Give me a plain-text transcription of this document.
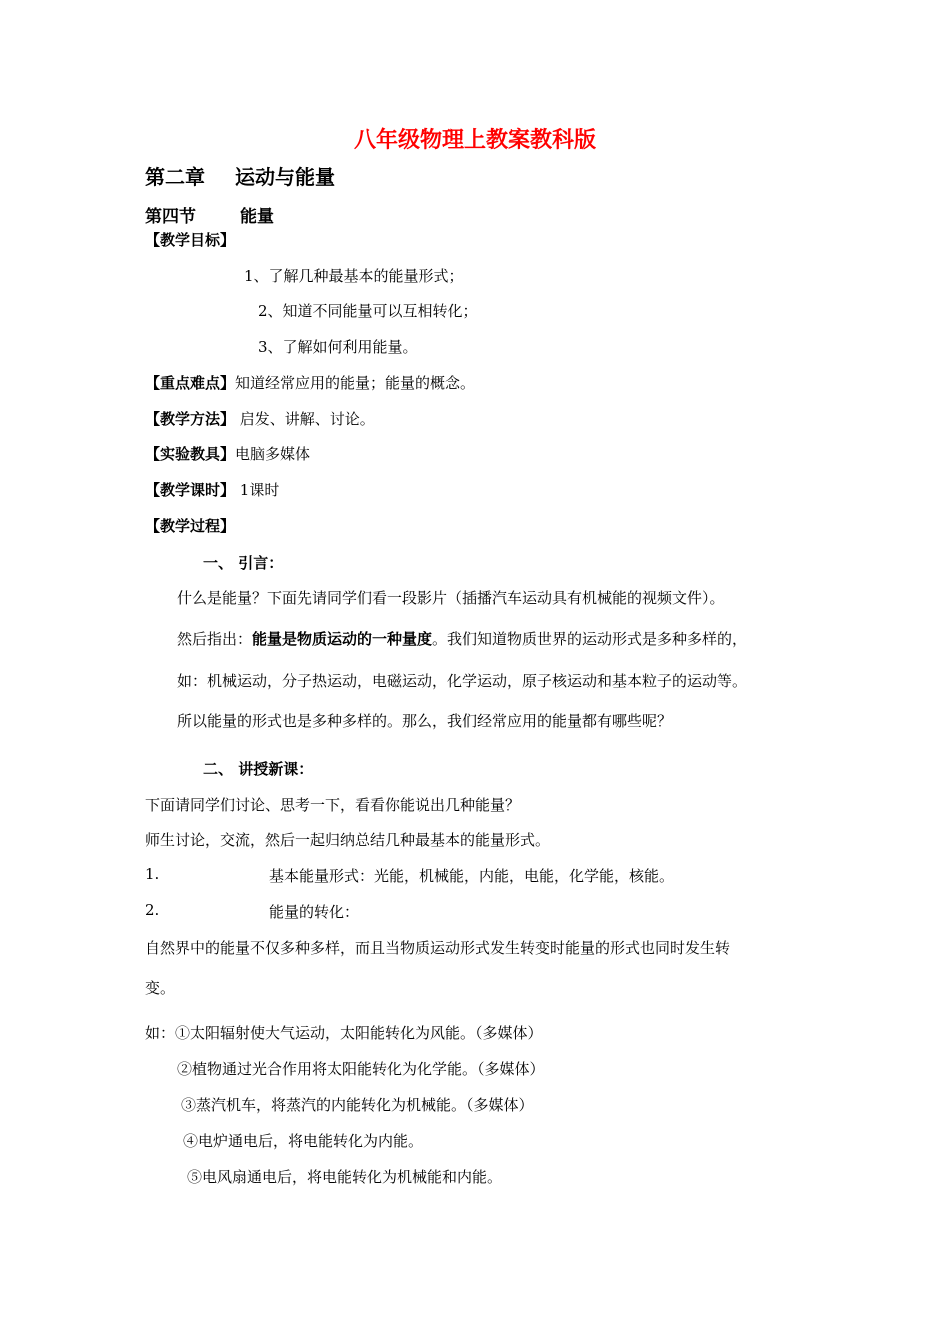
八年级物理上教案教科版
第二章 运动与能量
第四节	能量
【教学目标】
1、了解几种最基本的能量形式；
2、知道不同能量可以互相转化；
3、了解如何利用能量。
【重点难点】知道经常应用的能量；能量的概念。
【教学方法】 启发、讲解、讨论。
【实验教具】电脑多媒体
【教学课时】 1课时
【教学过程】
一、 引言：
什么是能量？下面先请同学们看一段影片（插播汽车运动具有机械能的视频文件）。
然后指出：能量是物质运动的一种量度。我们知道物质世界的运动形式是多种多样的，
如：机械运动，分子热运动，电磁运动，化学运动，原子核运动和基本粒子的运动等。
所以能量的形式也是多种多样的。那么，我们经常应用的能量都有哪些呢？
二、 讲授新课：
下面请同学们讨论、思考一下，看看你能说出几种能量？
师生讨论，交流，然后一起归纳总结几种最基本的能量形式。
1.	基本能量形式：光能，机械能，内能，电能，化学能，核能。
2.	能量的转化：
自然界中的能量不仅多种多样，而且当物质运动形式发生转变时能量的形式也同时发生转
变。
如：①太阳辐射使大气运动，太阳能转化为风能。（多媒体）
②植物通过光合作用将太阳能转化为化学能。（多媒体）
③蒸汽机车，将蒸汽的内能转化为机械能。（多媒体）
④电炉通电后，将电能转化为内能。
⑤电风扇通电后，将电能转化为机械能和内能。
